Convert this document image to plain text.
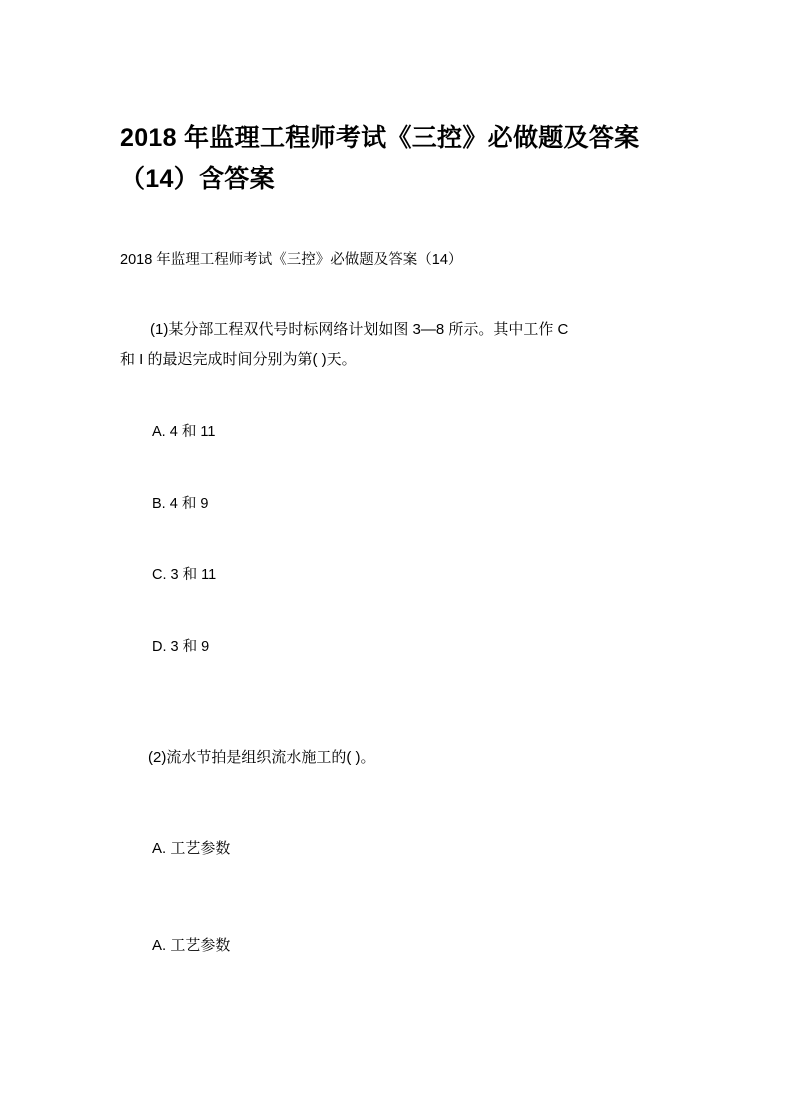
2018 年监理工程师考试《三控》必做题及答案（14）含答案

2018 年监理工程师考试《三控》必做题及答案（14）

(1)某分部工程双代号时标网络计划如图 3—8 所示。其中工作 C
和 I 的最迟完成时间分别为第( )天。
A. 4 和 11
B. 4 和 9
C. 3 和 11
D. 3 和 9
(2)流水节拍是组织流水施工的( )。
A. 工艺参数
A. 工艺参数
